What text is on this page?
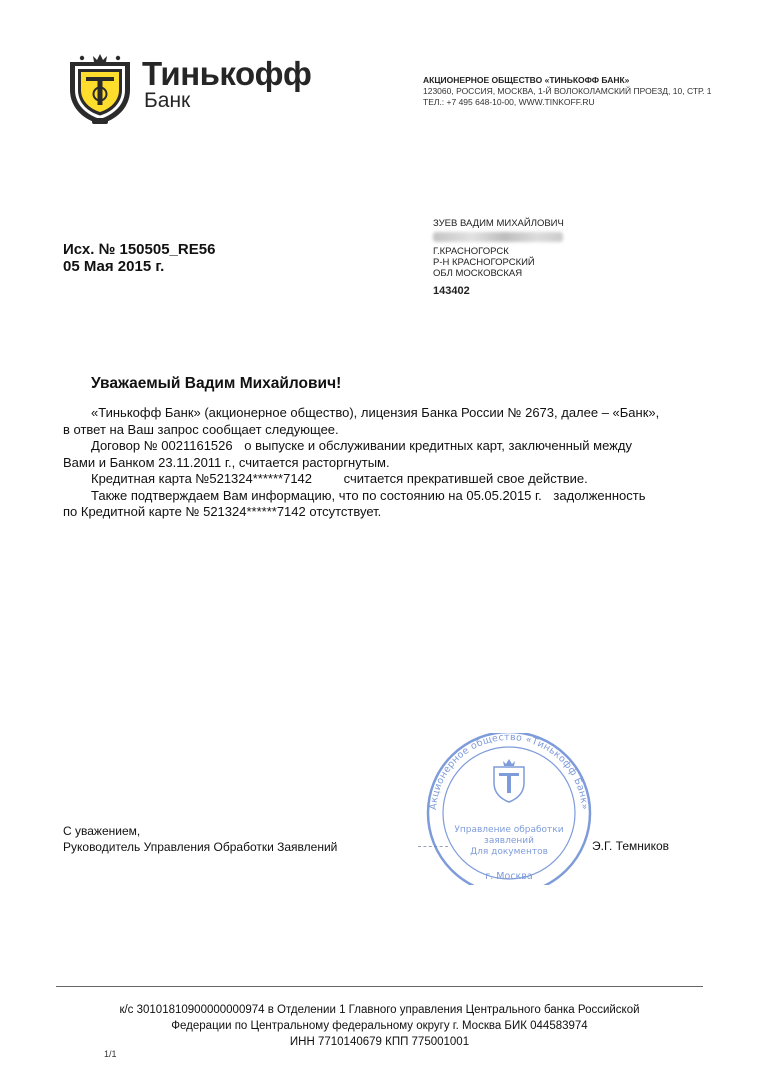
Тинькофф
Банк
АКЦИОНЕРНОЕ ОБЩЕСТВО «ТИНЬКОФФ БАНК»
123060, РОССИЯ, МОСКВА, 1-Й ВОЛОКОЛАМСКИЙ ПРОЕЗД, 10, СТР. 1
ТЕЛ.: +7 495 648-10-00, WWW.TINKOFF.RU
Исх. № 150505_RE56
05 Мая 2015 г.
ЗУЕВ ВАДИМ МИХАЙЛОВИЧ
Г.КРАСНОГОРСК
Р-Н КРАСНОГОРСКИЙ
ОБЛ МОСКОВСКАЯ
143402
Уважаемый Вадим Михайлович!

«Тинькофф Банк» (акционерное общество), лицензия Банка России № 2673, далее – «Банк»,

в ответ на Ваш запрос сообщает следующее.

Договор № 0021161526 о выпуске и обслуживании кредитных карт, заключенный между

Вами и Банком 23.11.2011 г., считается расторгнутым.

Кредитная карта №521324******7142 считается прекратившей свое действие.

Также подтверждаем Вам информацию, что по состоянию на 05.05.2015 г. задолженность

по Кредитной карте № 521324******7142 отсутствует.

С уважением,
Руководитель Управления Обработки Заявлений	Э.Г. Темников
Акционерное общество «Тинькофф Банк»
Управление обработки
заявлений
Для документов
г. Москва
к/с 30101810900000000974 в Отделении 1 Главного управления Центрального банка Российской
Федерации по Центральному федеральному округу г. Москва БИК 044583974
ИНН 7710140679 КПП 775001001
1/1
